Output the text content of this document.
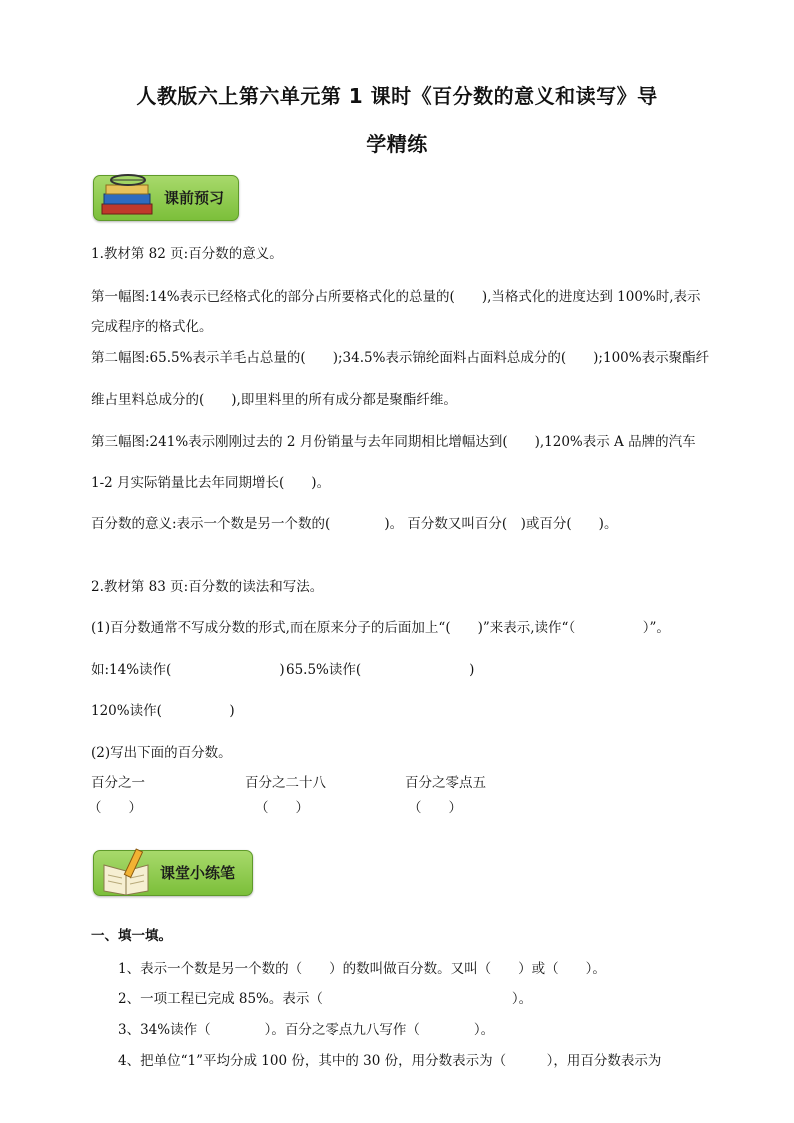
人教版六上第六单元第 1 课时《百分数的意义和读写》导
学精练
课前预习
1.教材第 82 页:百分数的意义。
第一幅图:14%表示已经格式化的部分占所要格式化的总量的(　　),当格式化的进度达到 100%时,表示
完成程序的格式化。
第二幅图:65.5%表示羊毛占总量的(　　);34.5%表示锦纶面料占面料总成分的(　　);100%表示聚酯纤
维占里料总成分的(　　),即里料里的所有成分都是聚酯纤维。
第三幅图:241%表示刚刚过去的 2 月份销量与去年同期相比增幅达到(　　),120%表示 A 品牌的汽车
1-2 月实际销量比去年同期增长(　　)。
百分数的意义:表示一个数是另一个数的(　　　　)。 百分数又叫百分(　)或百分(　　)。
2.教材第 83 页:百分数的读法和写法。
(1)百分数通常不写成分数的形式,而在原来分子的后面加上“(　　)”来表示,读作“（　　　　　）”。
如:14%读作(　　　　　　　　) 65.5%读作(　　　　　　　　)
120%读作(　　　　　)
(2)写出下面的百分数。
百分之一	百分之二十八	百分之零点五
（　　）	（　　）	（　　）
课堂小练笔
一、填一填。
1、表示一个数是另一个数的（　　）的数叫做百分数。又叫（　　）或（　　）。
2、一项工程已完成 85%。表示（　　　　　　　　　　　　　　）。
3、34%读作（　　　　）。百分之零点九八写作（　　　　）。
4、把单位“1”平均分成 100 份，其中的 30 份，用分数表示为（　　　），用百分数表示为
